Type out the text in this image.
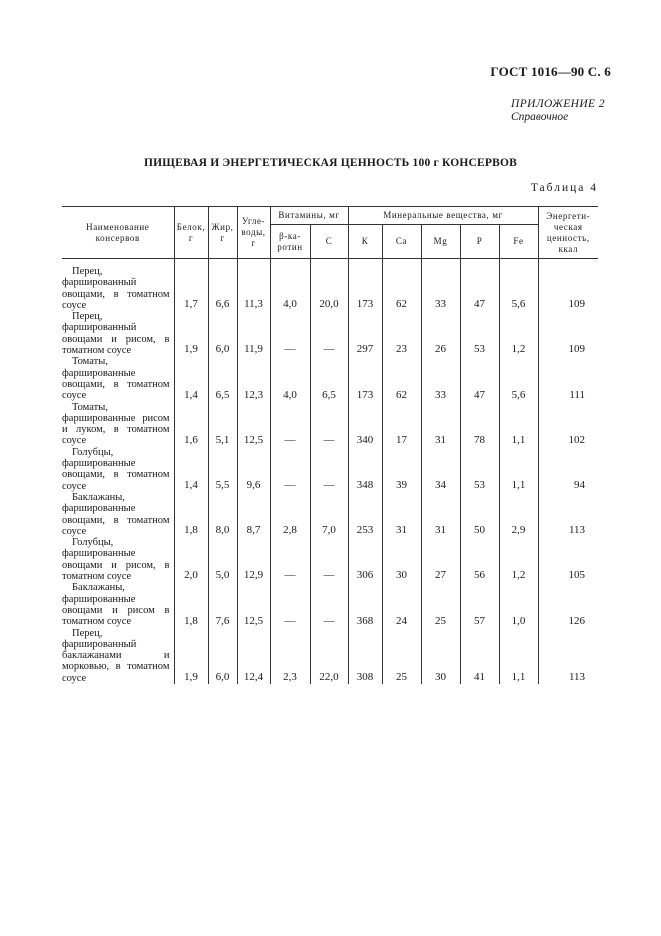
ГОСТ 1016—90 С. 6
ПРИЛОЖЕНИЕ 2
Справочное
ПИЩЕВАЯ И ЭНЕРГЕТИЧЕСКАЯ ЦЕННОСТЬ 100 г КОНСЕРВОВ
Таблица 4
Наименование консервов	Белок, г	Жир, г	Угле-воды, г	Витамины, мг		Минеральные вещества, мг					Энергети-ческая ценность, ккал
				β-ка-ротин	С	К	Са	Mg	Р	Fe	

Перец, фаршированный овощами, в томатном соусе	1,7	6,6	11,3	4,0	20,0	173	62	33	47	5,6	109

Перец, фаршированный овощами и рисом, в томатном соусе	1,9	6,0	11,9	—	—	297	23	26	53	1,2	109

Томаты, фаршированные овощами, в томатном соусе	1,4	6,5	12,3	4,0	6,5	173	62	33	47	5,6	111

Томаты, фаршированные рисом и луком, в томатном соусе	1,6	5,1	12,5	—	—	340	17	31	78	1,1	102

Голубцы, фаршированные овощами, в томатном соусе	1,4	5,5	9,6	—	—	348	39	34	53	1,1	94

Баклажаны, фаршированные овощами, в томатном соусе	1,8	8,0	8,7	2,8	7,0	253	31	31	50	2,9	113

Голубцы, фаршированные овощами и рисом, в томатном соусе	2,0	5,0	12,9	—	—	306	30	27	56	1,2	105

Баклажаны, фаршированные овощами и рисом в томатном соусе	1,8	7,6	12,5	—	—	368	24	25	57	1,0	126

Перец, фаршированный баклажанами и морковью, в томатном соусе	1,9	6,0	12,4	2,3	22,0	308	25	30	41	1,1	113
